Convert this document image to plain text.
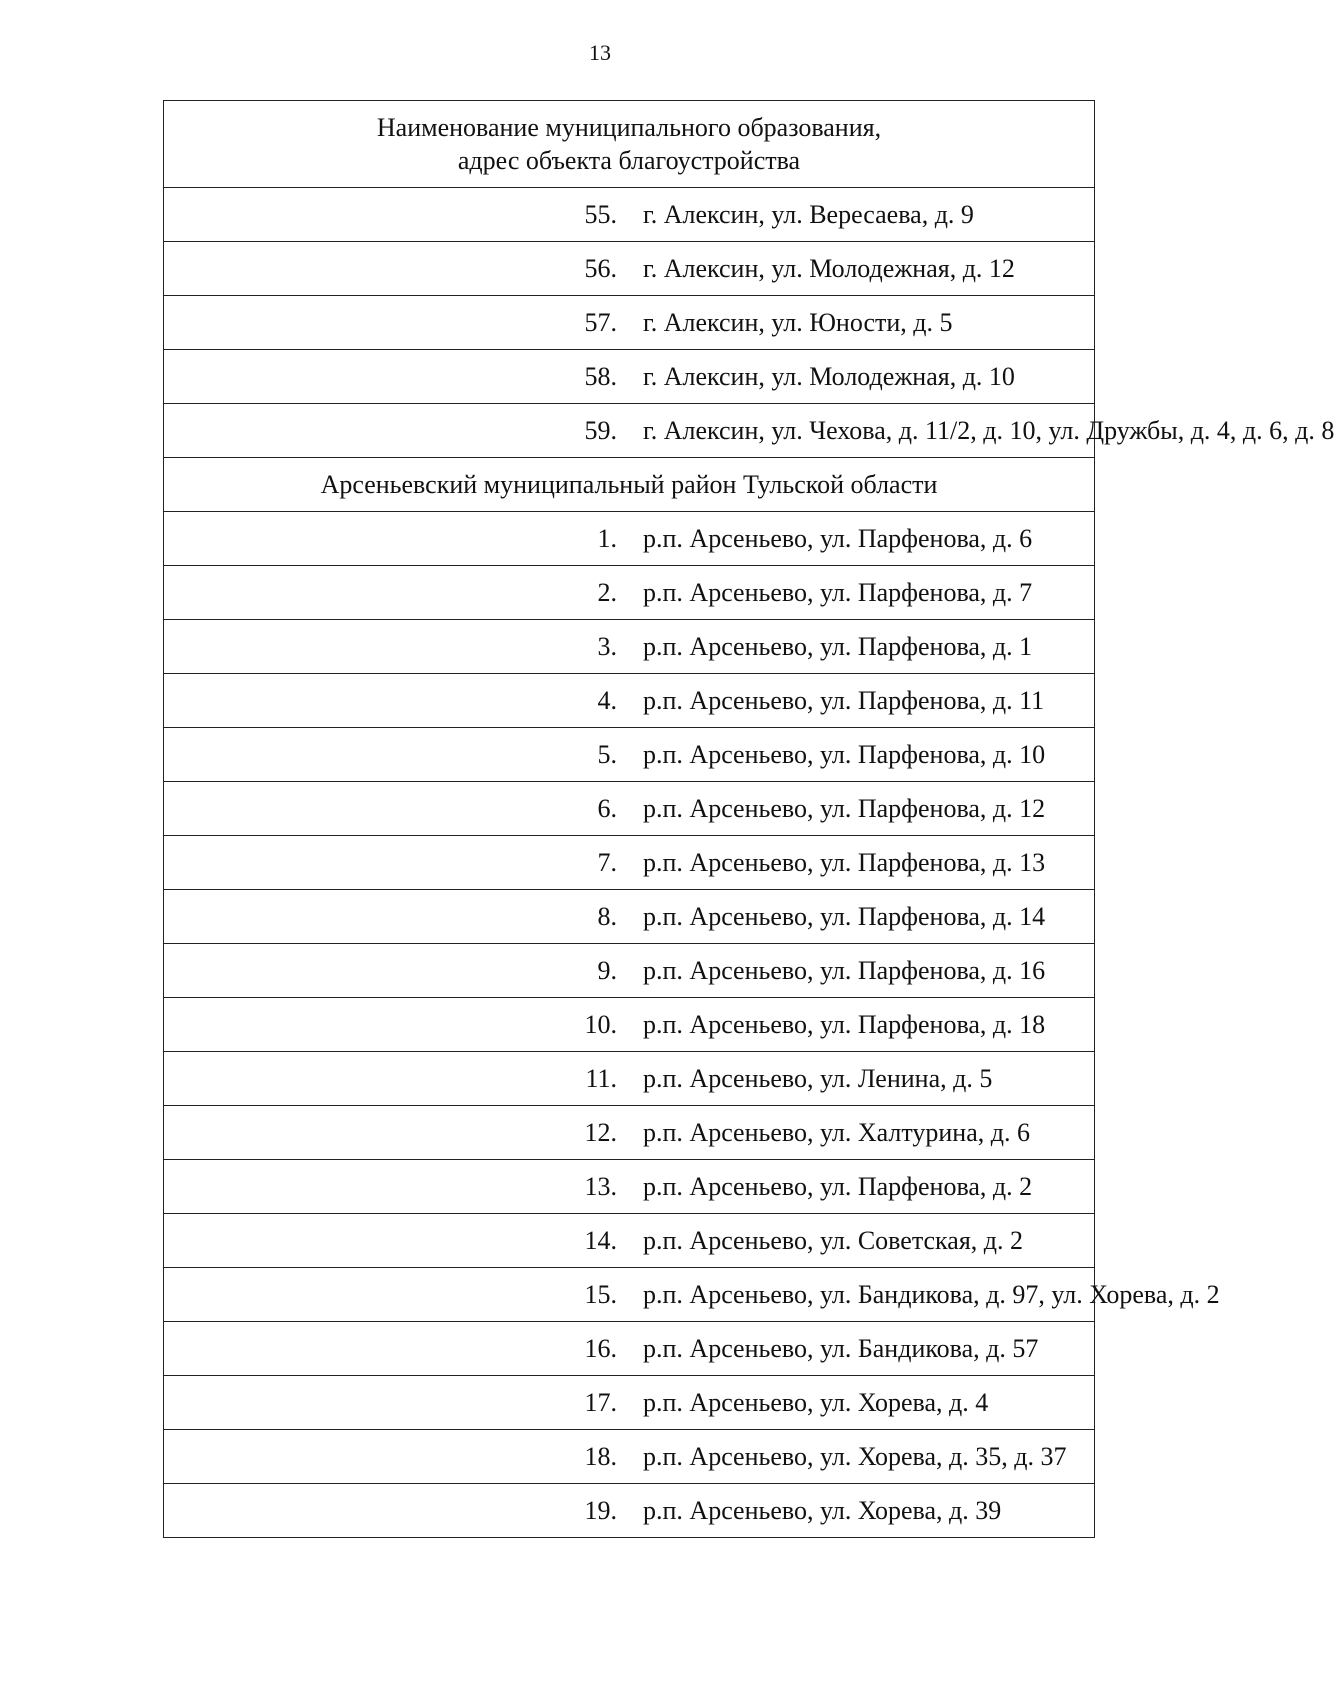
13
Наименование муниципального образования,
адрес объекта благоустройства	

55.	г. Алексин, ул. Вересаева, д. 9
56.	г. Алексин, ул. Молодежная, д. 12
57.	г. Алексин, ул. Юности, д. 5
58.	г. Алексин, ул. Молодежная, д. 10
59.	г. Алексин, ул. Чехова, д. 11/2, д. 10, ул. Дружбы, д. 4, д. 6, д. 8
Арсеньевский муниципальный район Тульской области	
1.	р.п. Арсеньево, ул. Парфенова, д. 6
2.	р.п. Арсеньево, ул. Парфенова, д. 7
3.	р.п. Арсеньево, ул. Парфенова, д. 1
4.	р.п. Арсеньево, ул. Парфенова, д. 11
5.	р.п. Арсеньево, ул. Парфенова, д. 10
6.	р.п. Арсеньево, ул. Парфенова, д. 12
7.	р.п. Арсеньево, ул. Парфенова, д. 13
8.	р.п. Арсеньево, ул. Парфенова, д. 14
9.	р.п. Арсеньево, ул. Парфенова, д. 16
10.	р.п. Арсеньево, ул. Парфенова, д. 18
11.	р.п. Арсеньево, ул. Ленина, д. 5
12.	р.п. Арсеньево, ул. Халтурина, д. 6
13.	р.п. Арсеньево, ул. Парфенова, д. 2
14.	р.п. Арсеньево, ул. Советская, д. 2
15.	р.п. Арсеньево, ул. Бандикова, д. 97, ул. Хорева, д. 2
16.	р.п. Арсеньево, ул. Бандикова, д. 57
17.	р.п. Арсеньево, ул. Хорева, д. 4
18.	р.п. Арсеньево, ул. Хорева, д. 35, д. 37
19.	р.п. Арсеньево, ул. Хорева, д. 39
